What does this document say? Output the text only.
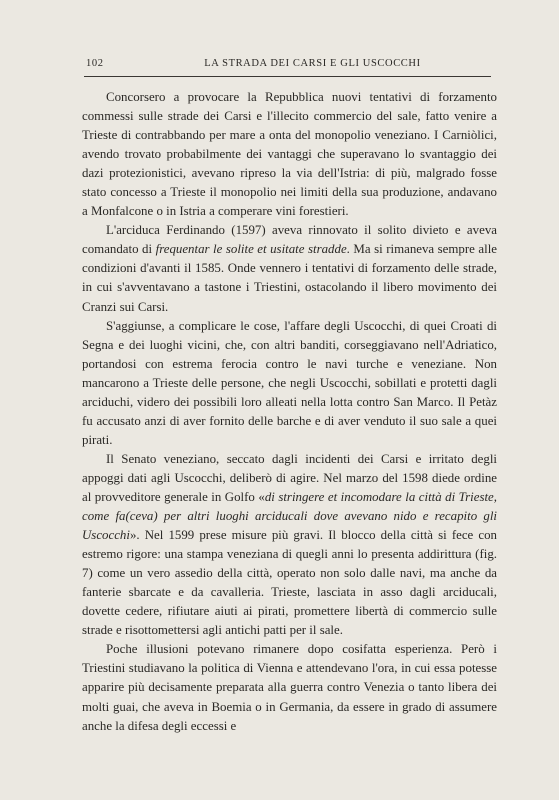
102	LA STRADA DEI CARSI E GLI USCOCCHI

Concorsero a provocare la Repubblica nuovi tentativi di forzamento commessi sulle strade dei Carsi e l'illecito commercio del sale, fatto venire a Trieste di contrabbando per mare a onta del monopolio veneziano. I Carniòlici, avendo trovato probabilmente dei vantaggi che superavano lo svantaggio dei dazi protezionistici, avevano ripreso la via dell'Istria: di più, malgrado fosse stato concesso a Trieste il monopolio nei limiti della sua produzione, andavano a Monfalcone o in Istria a comperare vini forestieri.

L'arciduca Ferdinando (1597) aveva rinnovato il solito divieto e aveva comandato di frequentar le solite et usitate stradde. Ma si rimaneva sempre alle condizioni d'avanti il 1585. Onde vennero i tentativi di forzamento delle strade, in cui s'avventavano a tastone i Triestini, ostacolando il libero movimento dei Cranzi sui Carsi.

S'aggiunse, a complicare le cose, l'affare degli Uscocchi, di quei Croati di Segna e dei luoghi vicini, che, con altri banditi, corseggiavano nell'Adriatico, portandosi con estrema ferocia contro le navi turche e veneziane. Non mancarono a Trieste delle persone, che negli Uscocchi, sobillati e protetti dagli arciduchi, videro dei possibili loro alleati nella lotta contro San Marco. Il Petàz fu accusato anzi di aver fornito delle barche e di aver venduto il suo sale a quei pirati.

Il Senato veneziano, seccato dagli incidenti dei Carsi e irritato degli appoggi dati agli Uscocchi, deliberò di agire. Nel marzo del 1598 diede ordine al provveditore generale in Golfo «di stringere et incomodare la città di Trieste, come fa(ceva) per altri luoghi arciducali dove avevano nido e recapito gli Uscocchi». Nel 1599 prese misure più gravi. Il blocco della città si fece con estremo rigore: una stampa veneziana di quegli anni lo presenta addirittura (fig. 7) come un vero assedio della città, operato non solo dalle navi, ma anche da fanterie sbarcate e da cavalleria. Trieste, lasciata in asso dagli arciducali, dovette cedere, rifiutare aiuti ai pirati, promettere libertà di commercio sulle strade e risottomettersi agli antichi patti per il sale.

Poche illusioni potevano rimanere dopo cosifatta esperienza. Però i Triestini studiavano la politica di Vienna e attendevano l'ora, in cui essa potesse apparire più decisamente preparata alla guerra contro Venezia o tanto libera dei molti guai, che aveva in Boemia o in Germania, da essere in grado di assumere anche la difesa degli eccessi e
